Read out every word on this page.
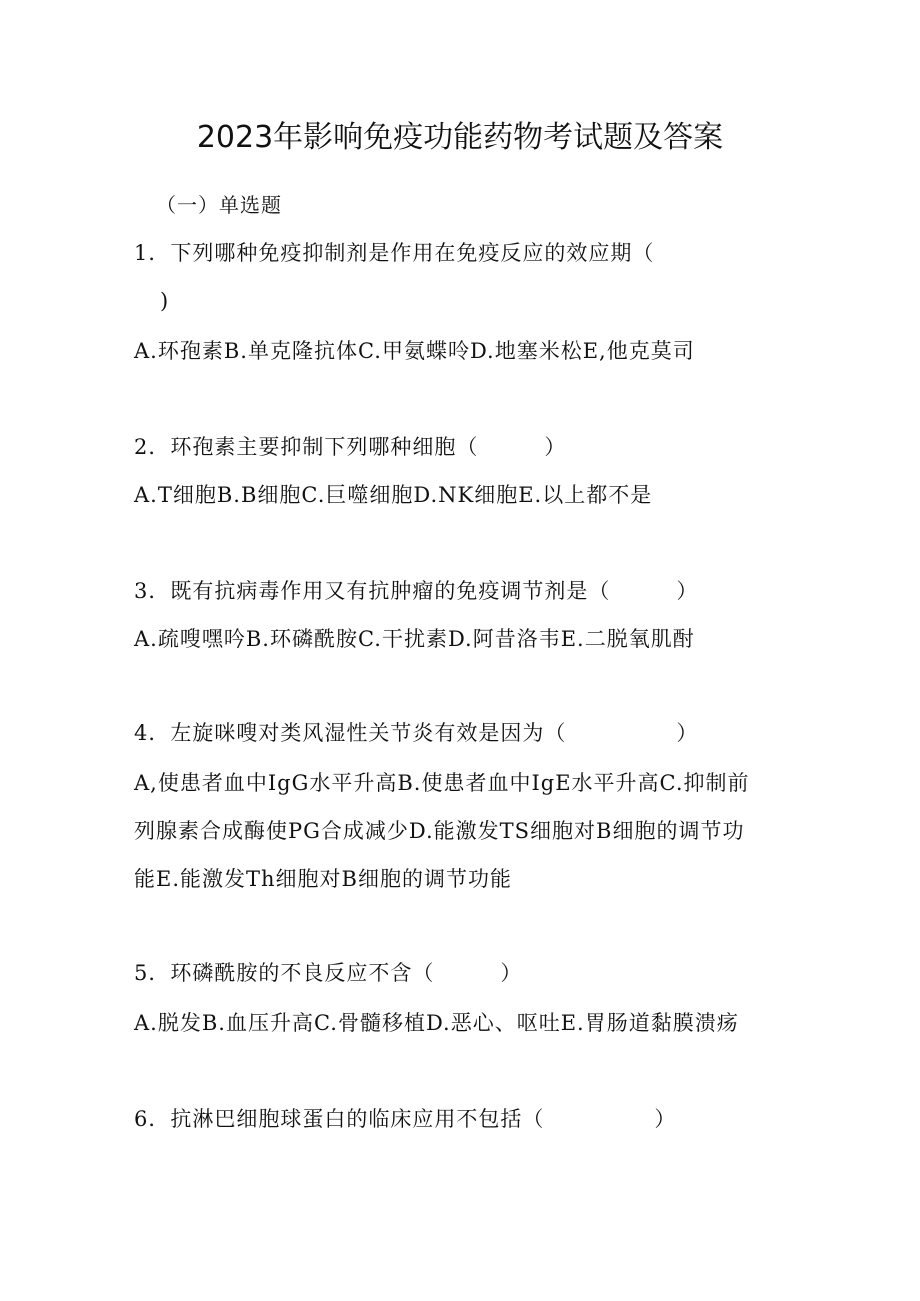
2023年影响免疫功能药物考试题及答案
（一）单选题
1．下列哪种免疫抑制剂是作用在免疫反应的效应期（
)
A.环孢素B.单克隆抗体C.甲氨蝶呤D.地塞米松E,他克莫司
2．环孢素主要抑制下列哪种细胞（　　　）
A.T细胞B.B细胞C.巨噬细胞D.NK细胞E.以上都不是
3．既有抗病毒作用又有抗肿瘤的免疫调节剂是（　　　）
A.疏嗖嘿吟B.环磷酰胺C.干扰素D.阿昔洛韦E.二脱氧肌酎
4．左旋咪嗖对类风湿性关节炎有效是因为（　　　　　）
A,使患者血中IgG水平升高B.使患者血中IgE水平升高C.抑制前
列腺素合成酶使PG合成减少D.能激发TS细胞对B细胞的调节功
能E.能激发Th细胞对B细胞的调节功能
5．环磷酰胺的不良反应不含（　　　）
A.脱发B.血压升高C.骨髓移植D.恶心、呕吐E.胃肠道黏膜溃疡
6．抗淋巴细胞球蛋白的临床应用不包括（　　　　　）
